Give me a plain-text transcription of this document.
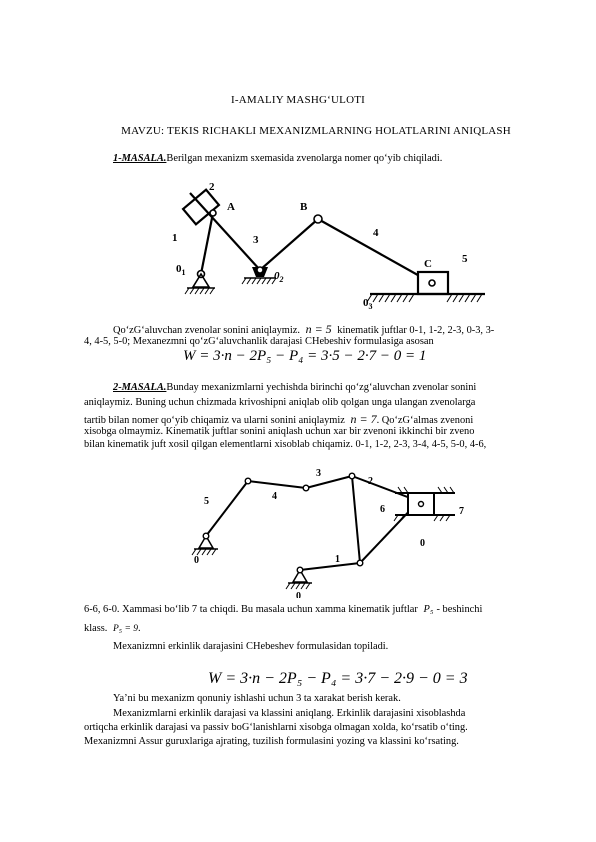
I-AMALIY MASHG‘ULOTI
MAVZU: TEKIS RICHAKLI MEXANIZMLARNING HOLATLARINI ANIQLASH
1-MASALA.Berilgan mexanizm sxemasida zvenolarga nomer qo‘yib chiqiladi.
2
1
A
3
B
4
C	5
$0_1$	$0_2$
$0_3$
Qo‘zG‘aluvchan zvenolar sonini aniqlaymiz. n = 5 kinematik juftlar 0-1, 1-2, 2-3, 0-3, 3-
4, 4-5, 5-0; Mexanezmni qo‘zG‘aluvchanlik darajasi CHebeshiv formulasiga asosan
W = 3·n − 2P₅ − P₄ = 3·5 − 2·7 − 0 = 1
2-MASALA.Bunday mexanizmlarni yechishda birinchi qo‘zg‘aluvchan zvenolar sonini
aniqlaymiz. Buning uchun chizmada krivoshipni aniqlab olib qolgan unga ulangan zvenolarga
tartib bilan nomer qo‘yib chiqamiz va ularni sonini aniqlaymiz n = 7. Qo‘zG‘almas zvenoni
xisobga olmaymiz. Kinematik juftlar sonini aniqlash uchun xar bir zvenoni ikkinchi bir zveno
bilan kinematik juft xosil qilgan elementlarni xisoblab chiqamiz. 0-1, 1-2, 2-3, 3-4, 4-5, 5-0, 4-6,
3
2
4
5
6	7
0
0
0
1
6-6, 6-0. Xammasi bo‘lib 7 ta chiqdi. Bu masala uchun xamma kinematik juftlar P₅ - beshinchi
klass. P₅ = 9.
Mexanizmni erkinlik darajasini CHebeshev formulasidan topiladi.
W = 3·n − 2P₅ − P₄ = 3·7 − 2·9 − 0 = 3
Ya’ni bu mexanizm qonuniy ishlashi uchun 3 ta xarakat berish kerak.
Mexanizmlarni erkinlik darajasi va klassini aniqlang. Erkinlik darajasini xisoblashda
ortiqcha erkinlik darajasi va passiv boG‘lanishlarni xisobga olmagan xolda, ko‘rsatib o‘ting.
Mexanizmni Assur guruxlariga ajrating, tuzilish formulasini yozing va klassini ko‘rsating.
